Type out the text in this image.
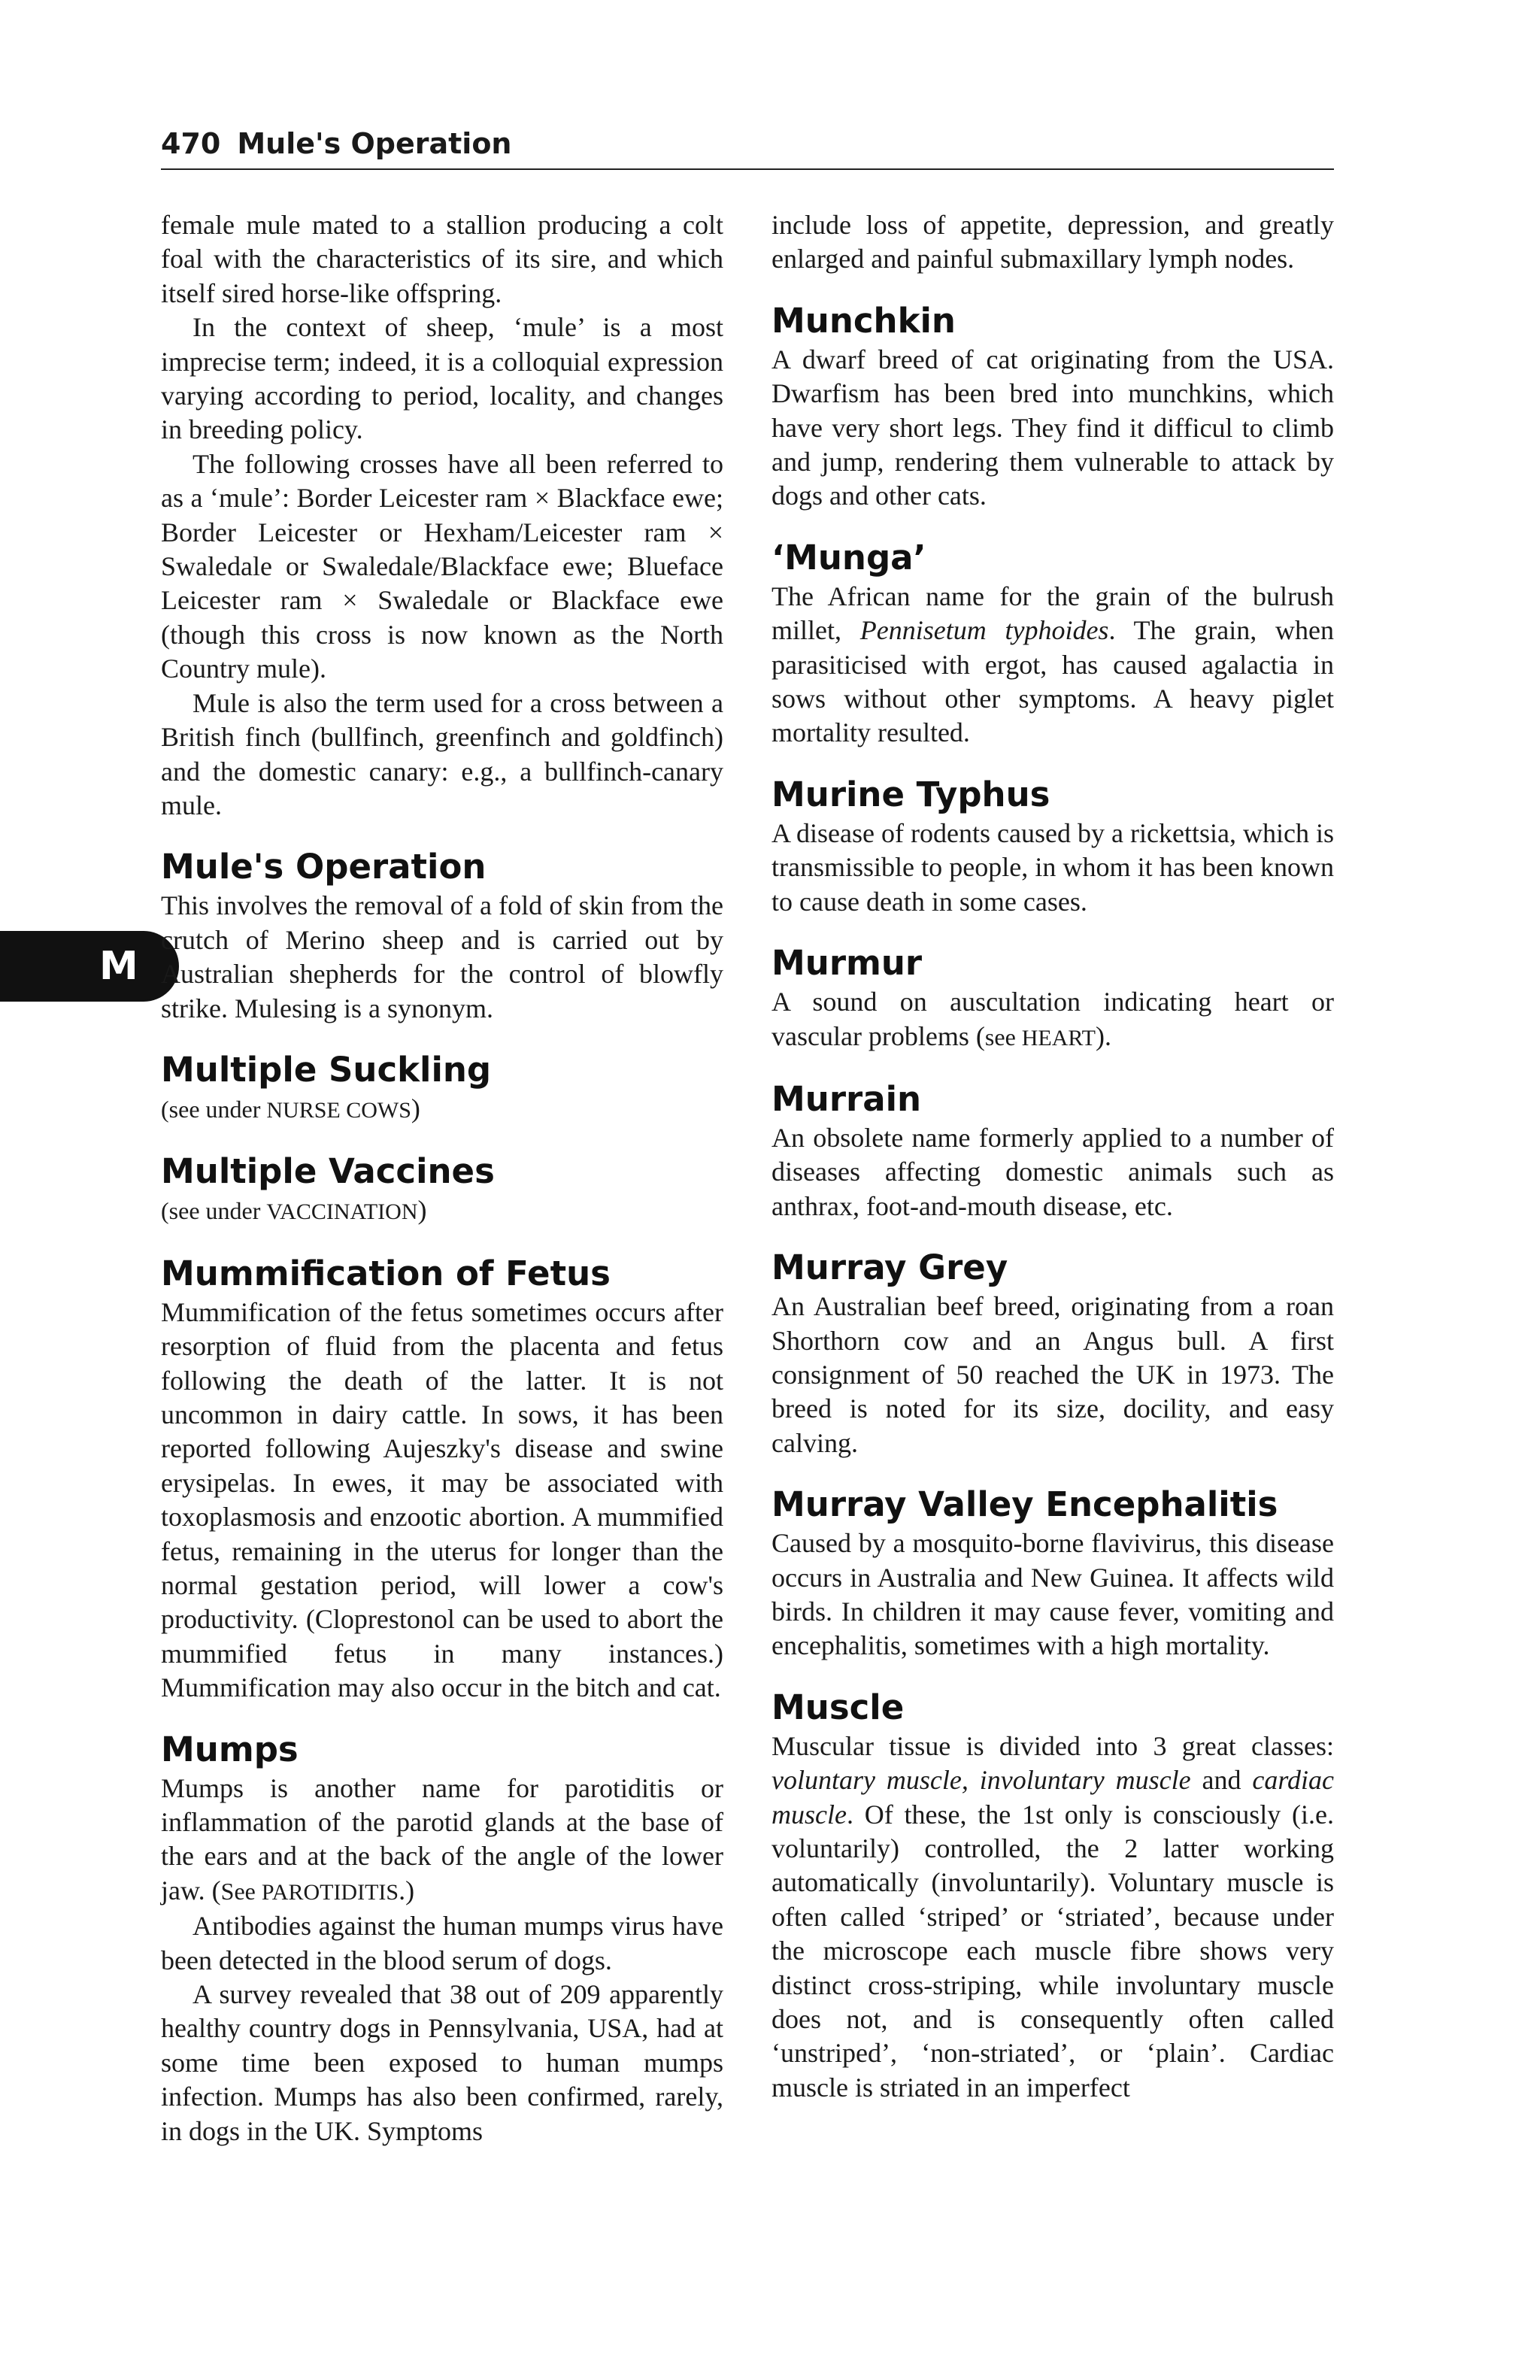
470 Mule's Operation
M

female mule mated to a stallion producing a colt foal with the characteristics of its sire, and which itself sired horse-like offspring.

In the context of sheep, ‘mule’ is a most imprecise term; indeed, it is a colloquial expression varying according to period, locality, and changes in breeding policy.

The following crosses have all been referred to as a ‘mule’: Border Leicester ram × Blackface ewe; Border Leicester or Hexham/Leicester ram × Swaledale or Swaledale/Blackface ewe; Blueface Leicester ram × Swaledale or Blackface ewe (though this cross is now known as the North Country mule).

Mule is also the term used for a cross between a British finch (bullfinch, greenfinch and goldfinch) and the domestic canary: e.g., a bullfinch-canary mule.

Mule's Operation

This involves the removal of a fold of skin from the crutch of Merino sheep and is carried out by Australian shepherds for the control of blowfly strike. Mulesing is a synonym.

Multiple Suckling

(see under NURSE COWS)

Multiple Vaccines

(see under VACCINATION)

Mummification of Fetus

Mummification of the fetus sometimes occurs after resorption of fluid from the placenta and fetus following the death of the latter. It is not uncommon in dairy cattle. In sows, it has been reported following Aujeszky's disease and swine erysipelas. In ewes, it may be associated with toxoplasmosis and enzootic abortion. A mummified fetus, remaining in the uterus for longer than the normal gestation period, will lower a cow's productivity. (Cloprestonol can be used to abort the mummified fetus in many instances.) Mummification may also occur in the bitch and cat.

Mumps

Mumps is another name for parotiditis or inflammation of the parotid glands at the base of the ears and at the back of the angle of the lower jaw. (See PAROTIDITIS.)

Antibodies against the human mumps virus have been detected in the blood serum of dogs.

A survey revealed that 38 out of 209 apparently healthy country dogs in Pennsylvania, USA, had at some time been exposed to human mumps infection. Mumps has also been confirmed, rarely, in dogs in the UK. Symptoms

include loss of appetite, depression, and greatly enlarged and painful submaxillary lymph nodes.

Munchkin

A dwarf breed of cat originating from the USA. Dwarfism has been bred into munchkins, which have very short legs. They find it difficul to climb and jump, rendering them vulnerable to attack by dogs and other cats.

‘Munga’

The African name for the grain of the bulrush millet, Pennisetum typhoides. The grain, when parasiticised with ergot, has caused agalactia in sows without other symptoms. A heavy piglet mortality resulted.

Murine Typhus

A disease of rodents caused by a rickettsia, which is transmissible to people, in whom it has been known to cause death in some cases.

Murmur

A sound on auscultation indicating heart or vascular problems (see HEART).

Murrain

An obsolete name formerly applied to a number of diseases affecting domestic animals such as anthrax, foot-and-mouth disease, etc.

Murray Grey

An Australian beef breed, originating from a roan Shorthorn cow and an Angus bull. A first consignment of 50 reached the UK in 1973. The breed is noted for its size, docility, and easy calving.

Murray Valley Encephalitis

Caused by a mosquito-borne flavivirus, this disease occurs in Australia and New Guinea. It affects wild birds. In children it may cause fever, vomiting and encephalitis, sometimes with a high mortality.

Muscle

Muscular tissue is divided into 3 great classes: voluntary muscle, involuntary muscle and cardiac muscle. Of these, the 1st only is consciously (i.e. voluntarily) controlled, the 2 latter working automatically (involuntarily). Voluntary muscle is often called ‘striped’ or ‘striated’, because under the microscope each muscle fibre shows very distinct cross-striping, while involuntary muscle does not, and is consequently often called ‘unstriped’, ‘non-striated’, or ‘plain’. Cardiac muscle is striated in an imperfect
